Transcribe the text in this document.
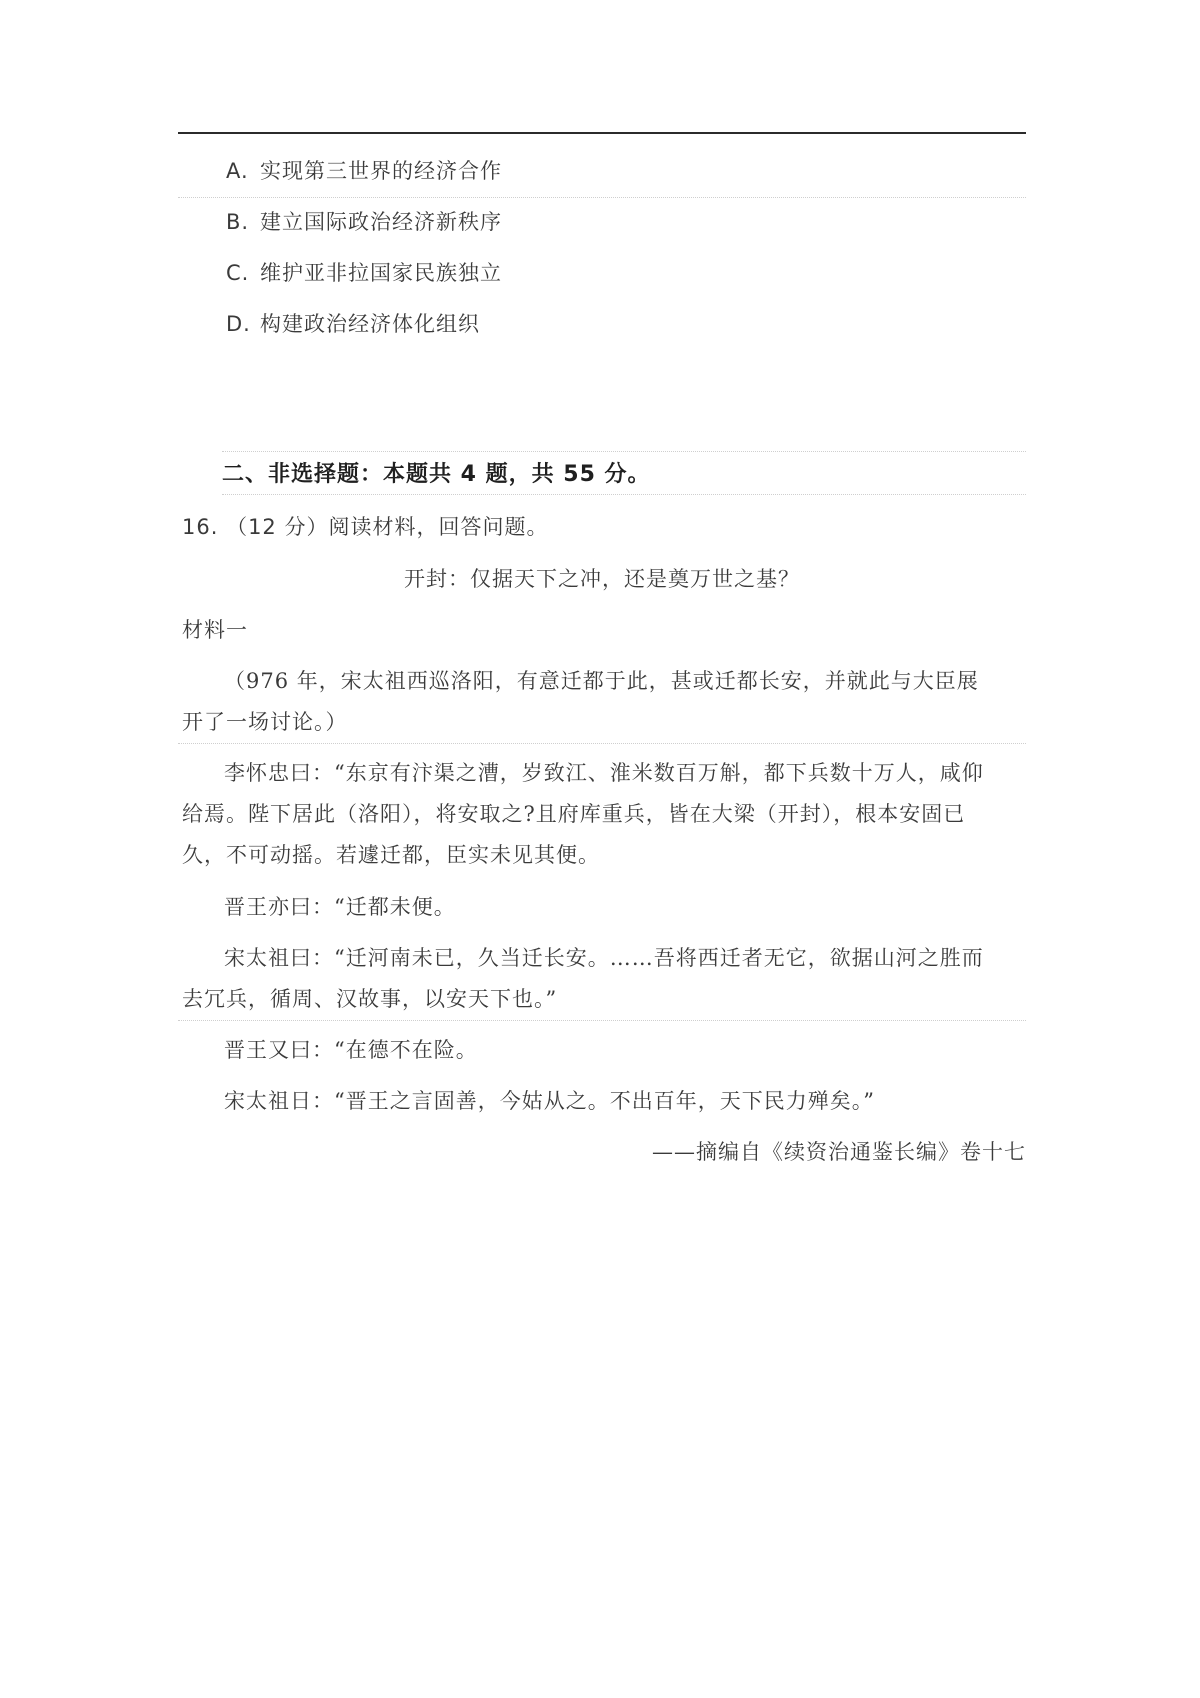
A. 实现第三世界的经济合作
B. 建立国际政治经济新秩序
C. 维护亚非拉国家民族独立
D. 构建政治经济体化组织
二、非选择题：本题共 4 题，共 55 分。
16. （12 分）阅读材料，回答问题。
开封：仅据天下之冲，还是奠万世之基？
材料一
（976 年，宋太祖西巡洛阳，有意迁都于此，甚或迁都长安，并就此与大臣展
开了一场讨论。）
李怀忠曰：“东京有汴渠之漕，岁致江、淮米数百万斛，都下兵数十万人，咸仰
给焉。陛下居此（洛阳），将安取之?且府库重兵，皆在大梁（开封），根本安固已
久，不可动摇。若遽迁都，臣实未见其便。
晋王亦曰：“迁都未便。
宋太祖曰：“迁河南未已，久当迁长安。……吾将西迁者无它，欲据山河之胜而
去冗兵，循周、汉故事，以安天下也。”
晋王又曰：“在德不在险。
宋太祖日：“晋王之言固善，今姑从之。不出百年，天下民力殚矣。”
——摘编自《续资治通鉴长编》卷十七
